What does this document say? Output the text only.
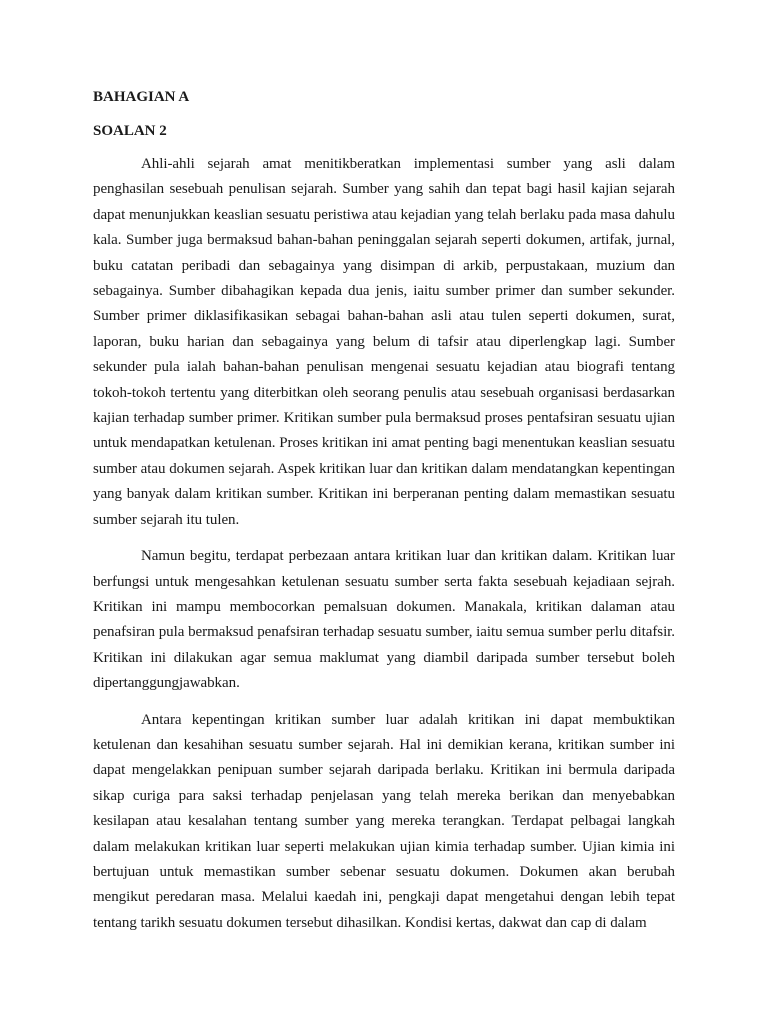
BAHAGIAN A

SOALAN 2

Ahli-ahli sejarah amat menitikberatkan implementasi sumber yang asli dalam penghasilan sesebuah penulisan sejarah. Sumber yang sahih dan tepat bagi hasil kajian sejarah dapat menunjukkan keaslian sesuatu peristiwa atau kejadian yang telah berlaku pada masa dahulu kala. Sumber juga bermaksud bahan-bahan peninggalan sejarah seperti dokumen, artifak, jurnal, buku catatan peribadi dan sebagainya yang disimpan di arkib, perpustakaan, muzium dan sebagainya. Sumber dibahagikan kepada dua jenis, iaitu sumber primer dan sumber sekunder. Sumber primer diklasifikasikan sebagai bahan-bahan asli atau tulen seperti dokumen, surat, laporan, buku harian dan sebagainya yang belum di tafsir atau diperlengkap lagi. Sumber sekunder pula ialah bahan-bahan penulisan mengenai sesuatu kejadian atau biografi tentang tokoh-tokoh tertentu yang diterbitkan oleh seorang penulis atau sesebuah organisasi berdasarkan kajian terhadap sumber primer. Kritikan sumber pula bermaksud proses pentafsiran sesuatu ujian untuk mendapatkan ketulenan. Proses kritikan ini amat penting bagi menentukan keaslian sesuatu sumber atau dokumen sejarah. Aspek kritikan luar dan kritikan dalam mendatangkan kepentingan yang banyak dalam kritikan sumber. Kritikan ini berperanan penting dalam memastikan sesuatu sumber sejarah itu tulen.

Namun begitu, terdapat perbezaan antara kritikan luar dan kritikan dalam. Kritikan luar berfungsi untuk mengesahkan ketulenan sesuatu sumber serta fakta sesebuah kejadiaan sejrah. Kritikan ini mampu membocorkan pemalsuan dokumen. Manakala, kritikan dalaman atau penafsiran pula bermaksud penafsiran terhadap sesuatu sumber, iaitu semua sumber perlu ditafsir. Kritikan ini dilakukan agar semua maklumat yang diambil daripada sumber tersebut boleh dipertanggungjawabkan.

Antara kepentingan kritikan sumber luar adalah kritikan ini dapat membuktikan ketulenan dan kesahihan sesuatu sumber sejarah. Hal ini demikian kerana, kritikan sumber ini dapat mengelakkan penipuan sumber sejarah daripada berlaku. Kritikan ini bermula daripada sikap curiga para saksi terhadap penjelasan yang telah mereka berikan dan menyebabkan kesilapan atau kesalahan tentang sumber yang mereka terangkan. Terdapat pelbagai langkah dalam melakukan kritikan luar seperti melakukan ujian kimia terhadap sumber. Ujian kimia ini bertujuan untuk memastikan sumber sebenar sesuatu dokumen. Dokumen akan berubah mengikut peredaran masa. Melalui kaedah ini, pengkaji dapat mengetahui dengan lebih tepat tentang tarikh sesuatu dokumen tersebut dihasilkan. Kondisi kertas, dakwat dan cap di dalam
